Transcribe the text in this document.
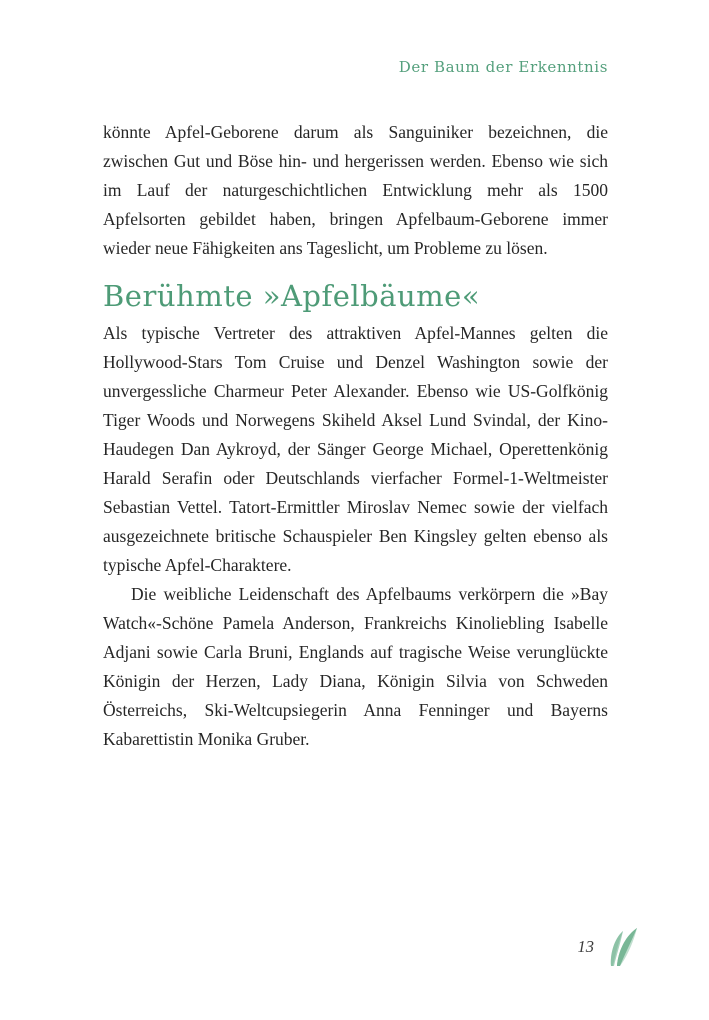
Der Baum der Erkenntnis

könnte Apfel-Geborene darum als Sanguiniker bezeichnen, die zwischen Gut und Böse hin- und hergerissen werden. Ebenso wie sich im Lauf der naturgeschichtlichen Entwicklung mehr als 1500 Apfelsorten gebildet haben, bringen Apfelbaum-Geborene immer wieder neue Fähigkeiten ans Tageslicht, um Probleme zu lösen.

Berühmte »Apfelbäume«

Als typische Vertreter des attraktiven Apfel-Mannes gelten die Hollywood-Stars Tom Cruise und Denzel Washington sowie der unvergessliche Charmeur Peter Alexander. Ebenso wie US-Golfkönig Tiger Woods und Norwegens Skiheld Aksel Lund Svindal, der Kino-Haudegen Dan Aykroyd, der Sänger George Michael, Operettenkönig Harald Serafin oder Deutschlands vierfacher Formel-1-Weltmeister Sebastian Vettel. Tatort-Ermittler Miroslav Nemec sowie der vielfach ausgezeichnete britische Schauspieler Ben Kingsley gelten ebenso als typische Apfel-Charaktere.

Die weibliche Leidenschaft des Apfelbaums verkörpern die »Bay Watch«-Schöne Pamela Anderson, Frankreichs Kinoliebling Isabelle Adjani sowie Carla Bruni, Englands auf tragische Weise verunglückte Königin der Herzen, Lady Diana, Königin Silvia von Schweden Österreichs, Ski-Weltcupsiegerin Anna Fenninger und Bayerns Kabarettistin Monika Gruber.

13
